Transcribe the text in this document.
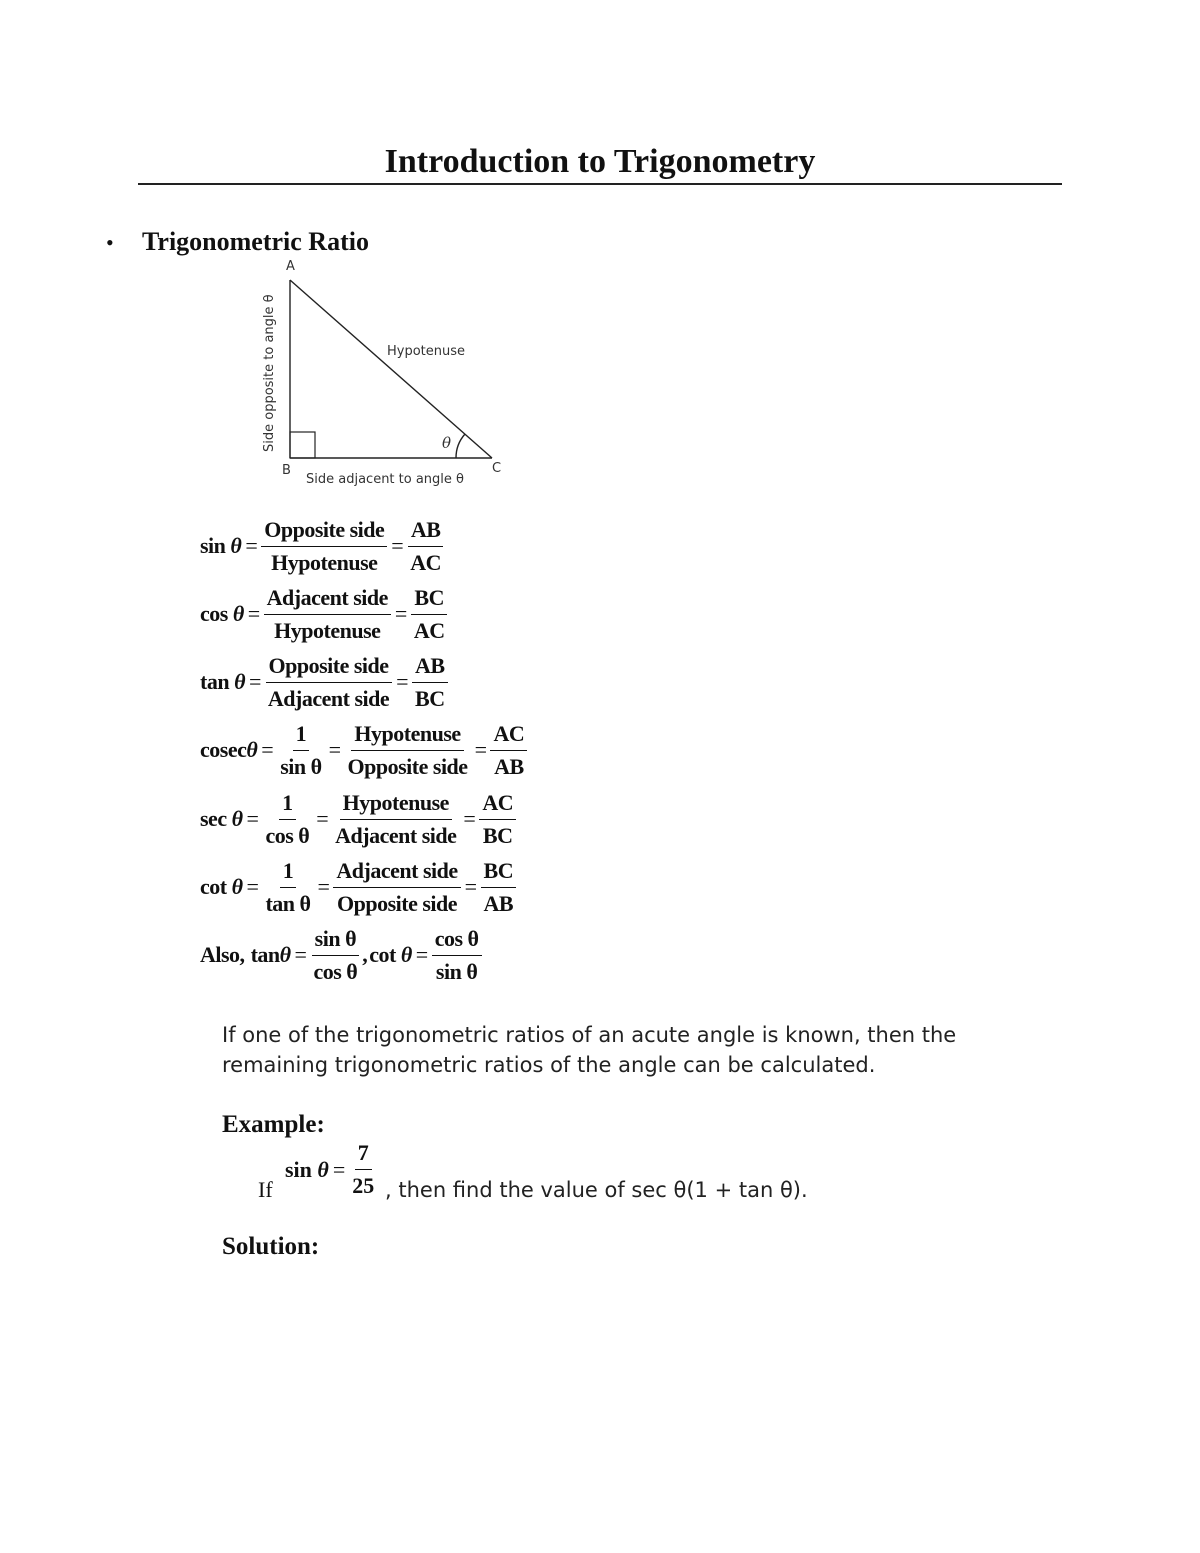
Introduction to Trigonometry
• Trigonometric Ratio
A
B	C
Hypotenuse
θ
Side adjacent to angle θ
Side opposite to angle θ
$\sin \theta = \frac{\text{Opposite side}}{\text{Hypotenuse}} = \frac{AB}{AC}$
$\cos \theta = \frac{\text{Adjacent side}}{\text{Hypotenuse}} = \frac{BC}{AC}$
$\tan \theta = \frac{\text{Opposite side}}{\text{Adjacent side}} = \frac{AB}{BC}$
$cosec\theta = \frac{1}{\text{sin θ}} = \frac{\text{Hypotenuse}}{\text{Opposite side}} = \frac{AC}{AB}$
$\sec \theta = \frac{1}{\text{cos θ}} = \frac{\text{Hypotenuse}}{\text{Adjacent side}} = \frac{AC}{BC}$
$\cot \theta = \frac{1}{\text{tan θ}} = \frac{\text{Adjacent side}}{\text{Opposite side}} = \frac{BC}{AB}$
Also, $\tan\theta = \frac{\text{sin θ}}{\text{cos θ}}$ , $\cot \theta = \frac{\text{cos θ}}{\text{sin θ}}$
If one of the trigonometric ratios of an acute angle is known, then the remaining trigonometric ratios of the angle can be calculated.
Example:
If
$\sin \theta = \frac{7}{25}$ , then find the value of sec θ(1 + tan θ).
Solution:
